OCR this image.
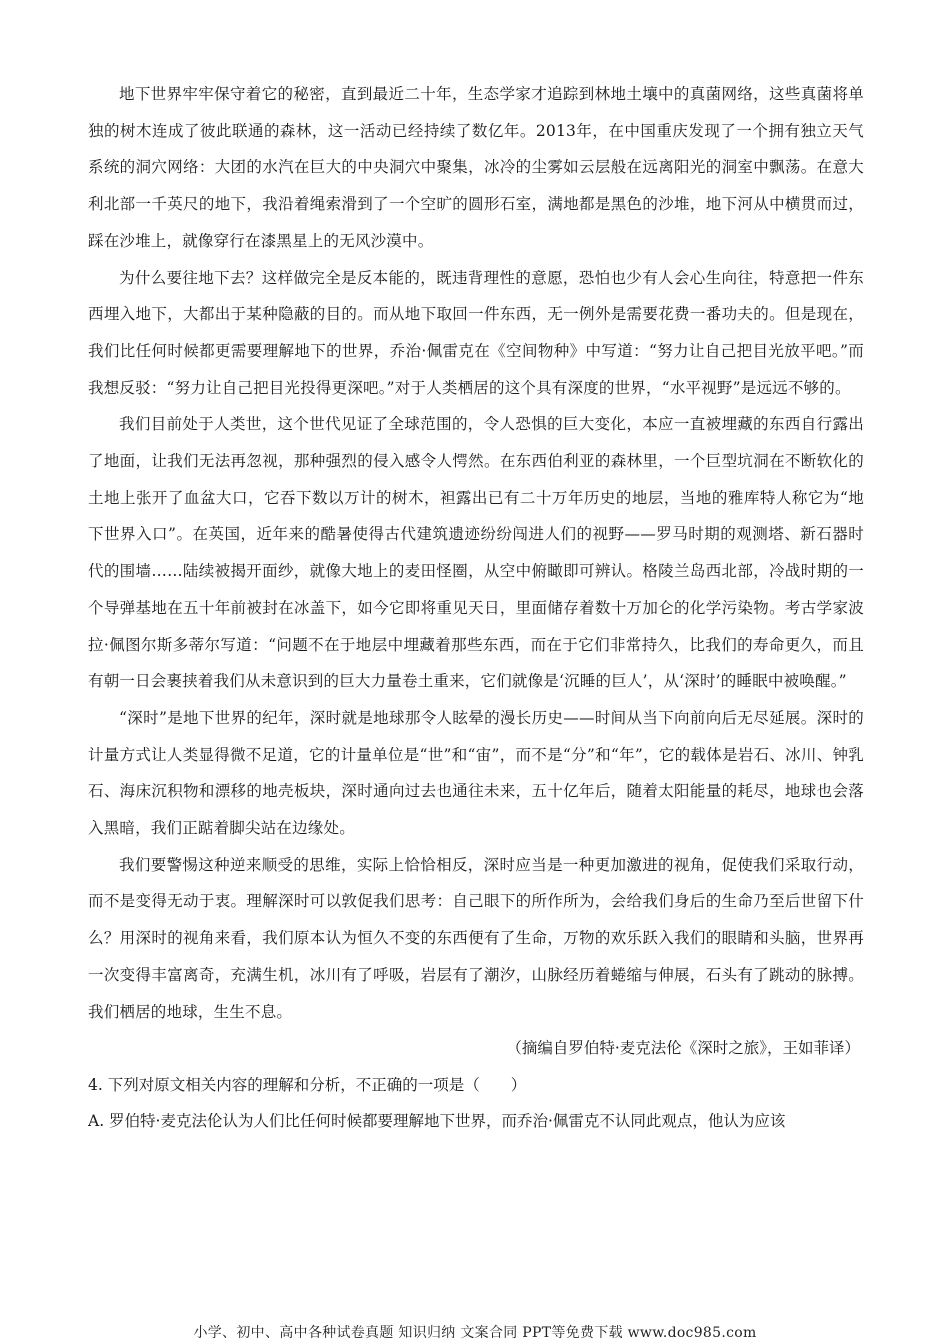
地下世界牢牢保守着它的秘密，直到最近二十年，生态学家才追踪到林地土壤中的真菌网络，这些真菌将单独的树木连成了彼此联通的森林，这一活动已经持续了数亿年。2013年，在中国重庆发现了一个拥有独立天气系统的洞穴网络：大团的水汽在巨大的中央洞穴中聚集，冰冷的尘雾如云层般在远离阳光的洞室中飘荡。在意大利北部一千英尺的地下，我沿着绳索滑到了一个空旷的圆形石室，满地都是黑色的沙堆，地下河从中横贯而过，踩在沙堆上，就像穿行在漆黑星上的无风沙漠中。

为什么要往地下去？这样做完全是反本能的，既违背理性的意愿，恐怕也少有人会心生向往，特意把一件东西埋入地下，大都出于某种隐蔽的目的。而从地下取回一件东西，无一例外是需要花费一番功夫的。但是现在，我们比任何时候都更需要理解地下的世界，乔治·佩雷克在《空间物种》中写道：“努力让自己把目光放平吧。”而我想反驳：“努力让自己把目光投得更深吧。”对于人类栖居的这个具有深度的世界，“水平视野”是远远不够的。

我们目前处于人类世，这个世代见证了全球范围的，令人恐惧的巨大变化，本应一直被埋藏的东西自行露出了地面，让我们无法再忽视，那种强烈的侵入感令人愕然。在东西伯利亚的森林里，一个巨型坑洞在不断软化的土地上张开了血盆大口，它吞下数以万计的树木，袒露出已有二十万年历史的地层，当地的雅库特人称它为“地下世界入口”。在英国，近年来的酷暑使得古代建筑遗迹纷纷闯进人们的视野——罗马时期的观测塔、新石器时代的围墙……陆续被揭开面纱，就像大地上的麦田怪圈，从空中俯瞰即可辨认。格陵兰岛西北部，冷战时期的一个导弹基地在五十年前被封在冰盖下，如今它即将重见天日，里面储存着数十万加仑的化学污染物。考古学家波拉·佩图尔斯多蒂尔写道：“问题不在于地层中埋藏着那些东西，而在于它们非常持久，比我们的寿命更久，而且有朝一日会裹挟着我们从未意识到的巨大力量卷土重来，它们就像是‘沉睡的巨人’，从‘深时’的睡眠中被唤醒。”

“深时”是地下世界的纪年，深时就是地球那令人眩晕的漫长历史——时间从当下向前向后无尽延展。深时的计量方式让人类显得微不足道，它的计量单位是“世”和“宙”，而不是“分”和“年”，它的载体是岩石、冰川、钟乳石、海床沉积物和漂移的地壳板块，深时通向过去也通往未来，五十亿年后，随着太阳能量的耗尽，地球也会落入黑暗，我们正踮着脚尖站在边缘处。

我们要警惕这种逆来顺受的思维，实际上恰恰相反，深时应当是一种更加激进的视角，促使我们采取行动，而不是变得无动于衷。理解深时可以敦促我们思考：自己眼下的所作所为，会给我们身后的生命乃至后世留下什么？用深时的视角来看，我们原本认为恒久不变的东西便有了生命，万物的欢乐跃入我们的眼睛和头脑，世界再一次变得丰富离奇，充满生机，冰川有了呼吸，岩层有了潮汐，山脉经历着蜷缩与伸展，石头有了跳动的脉搏。我们栖居的地球，生生不息。

（摘编自罗伯特·麦克法伦《深时之旅》，王如菲译）

4. 下列对原文相关内容的理解和分析，不正确的一项是（　　）

A. 罗伯特·麦克法伦认为人们比任何时候都要理解地下世界，而乔治·佩雷克不认同此观点，他认为应该

小学、初中、高中各种试卷真题 知识归纳 文案合同 PPT等免费下载 www.doc985.com
